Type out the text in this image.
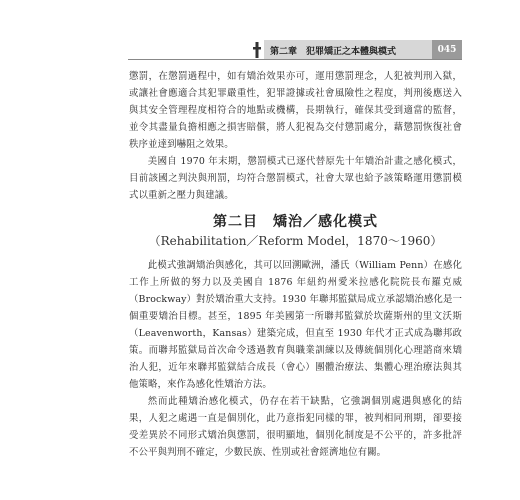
第二章　犯罪矯正之本體與模式	045

懲罰，在懲罰過程中，如有矯治效果亦可，運用懲罰理念，人犯被判刑入獄，或讓社會應適合其犯罪嚴重性，犯罪證據或社會風險性之程度，判刑後應送入與其安全管理程度相符合的地點或機構，長期執行，確保其受到適當的監督，並令其盡量負擔相應之損害賠償，將人犯視為交付懲罰處分，藉懲罰恢復社會秩序並達到嚇阻之效果。

美國自 1970 年末期，懲罰模式已逐代替原先十年矯治計畫之感化模式，目前該國之判決與刑罰，均符合懲罰模式，社會大眾也給予該策略運用懲罰模式以重新之壓力與建議。

第二目　矯治／感化模式
（Rehabilitation／Reform Model，1870～1960）

此模式強調矯治與感化，其可以回溯歐洲，潘氏（William Penn）在感化工作上所做的努力以及美國自 1876 年紐約州愛米拉感化院院長布羅克威（Brockway）對於矯治重大支持。1930 年聯邦監獄局成立承認矯治感化是一個重要矯治目標。甚至，1895 年美國第一所聯邦監獄於坎薩斯州的里文沃斯（Leavenworth，Kansas）建築完成，但直至 1930 年代才正式成為聯邦政策。而聯邦監獄局首次命令透過教育與職業訓練以及傳統個別化心理諮商來矯治人犯，近年來聯邦監獄結合成長（會心）團體治療法、集體心理治療法與其他策略，來作為感化性矯治方法。

然而此種矯治感化模式，仍存在若干缺點，它強調個別處遇與感化的結果，人犯之處遇一直是個別化，此乃意指犯同樣的罪，被判相同刑期，卻要接受差異於不同形式矯治與懲罰，很明顯地，個別化制度是不公平的，許多批評不公平與判刑不確定，少數民族、性別或社會經濟地位有關。
